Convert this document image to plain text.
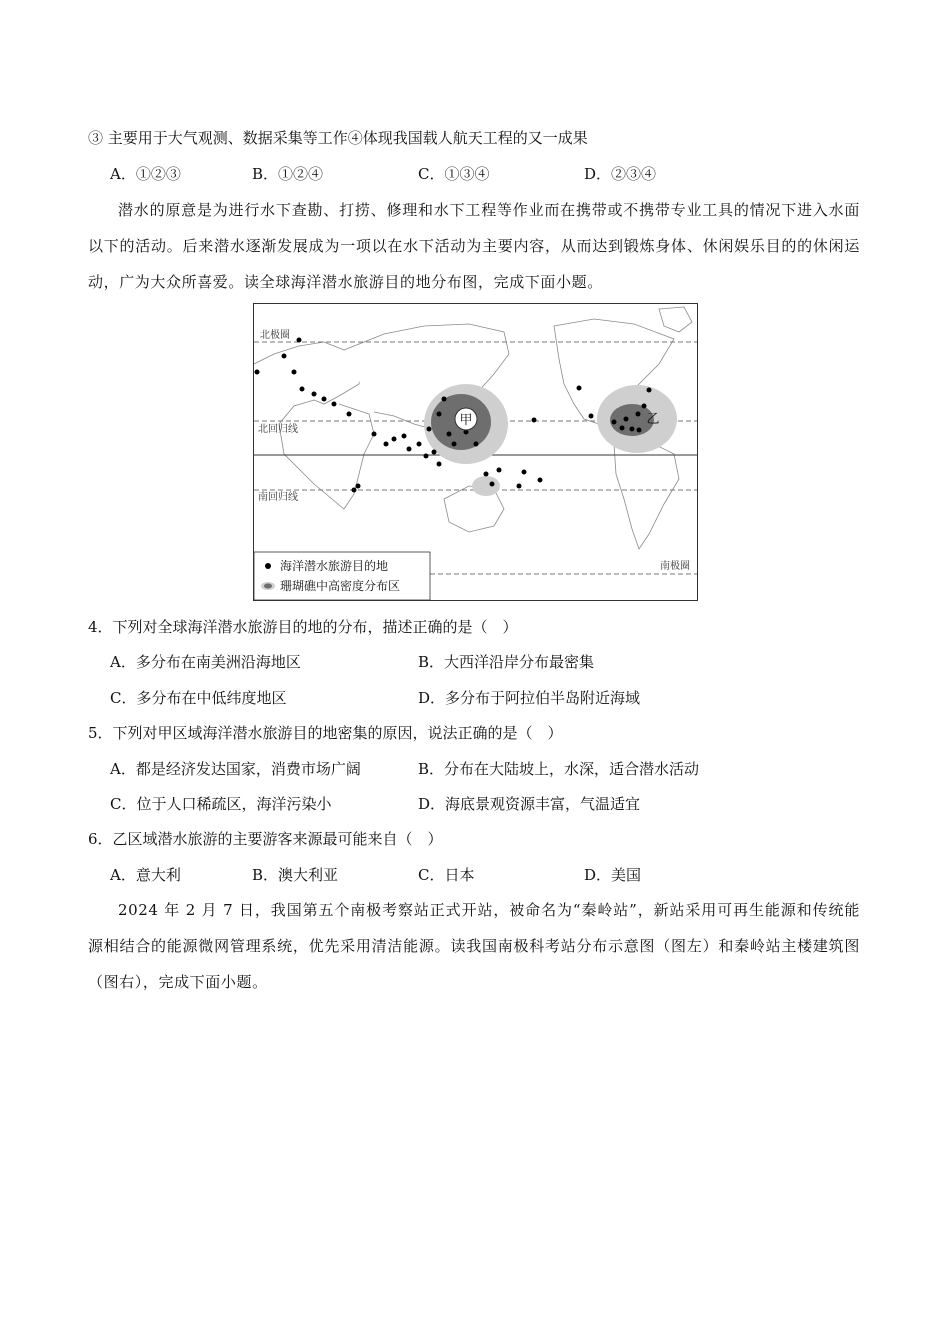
③ 主要用于大气观测、数据采集等工作④体现我国载人航天工程的又一成果
A．①②③	B．①②④	C．①③④	D．②③④
潜水的原意是为进行水下查勘、打捞、修理和水下工程等作业而在携带或不携带专业工具的情况下进入水面以下的活动。后来潜水逐渐发展成为一项以在水下活动为主要内容，从而达到锻炼身体、休闲娱乐目的的休闲运动，广为大众所喜爱。读全球海洋潜水旅游目的地分布图，完成下面小题。
甲	乙
北极圈
北回归线
南回归线
南极圈
海洋潜水旅游目的地
珊瑚礁中高密度分布区
4．下列对全球海洋潜水旅游目的地的分布，描述正确的是（　）
A．多分布在南美洲沿海地区	B．大西洋沿岸分布最密集
C．多分布在中低纬度地区	D．多分布于阿拉伯半岛附近海域
5．下列对甲区域海洋潜水旅游目的地密集的原因，说法正确的是（　）
A．都是经济发达国家，消费市场广阔	B．分布在大陆坡上，水深，适合潜水活动
C．位于人口稀疏区，海洋污染小	D．海底景观资源丰富，气温适宜
6．乙区域潜水旅游的主要游客来源最可能来自（　）
A．意大利	B．澳大利亚	C．日本	D．美国
2024 年 2 月 7 日，我国第五个南极考察站正式开站，被命名为“秦岭站”，新站采用可再生能源和传统能源相结合的能源微网管理系统，优先采用清洁能源。读我国南极科考站分布示意图（图左）和秦岭站主楼建筑图（图右），完成下面小题。
